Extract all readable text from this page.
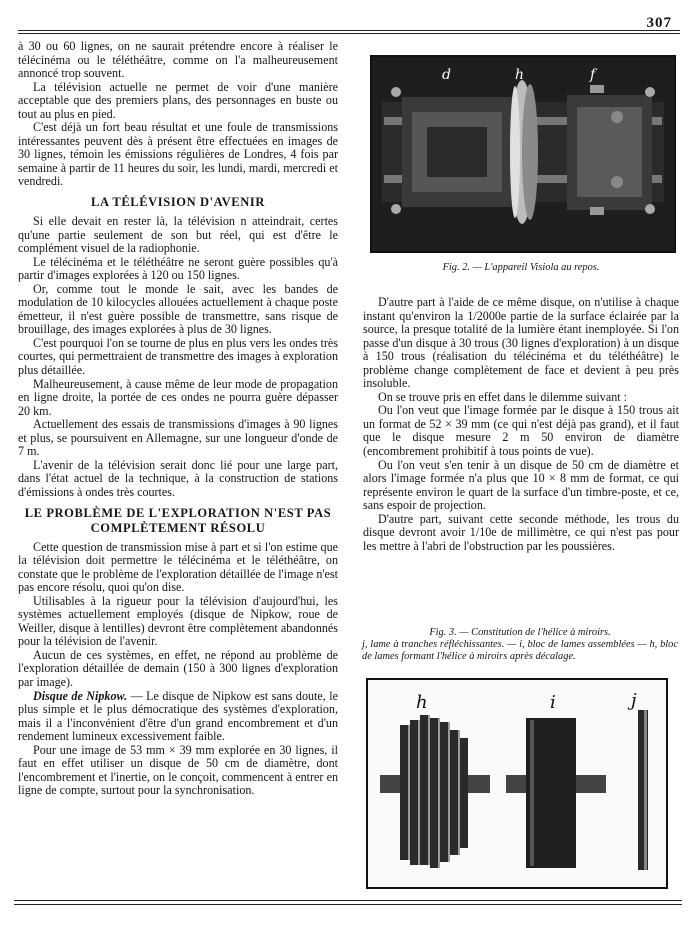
307

à 30 ou 60 lignes, on ne saurait prétendre encore à réaliser le télécinéma ou le téléthéâtre, comme on l'a malheureusement annoncé trop souvent.

La télévision actuelle ne permet de voir d'une manière acceptable que des premiers plans, des personnages en buste ou tout au plus en pied.

C'est déjà un fort beau résultat et une foule de transmissions intéressantes peuvent dès à présent être effectuées en images de 30 lignes, témoin les émissions régulières de Londres, 4 fois par semaine à partir de 11 heures du soir, les lundi, mardi, mercredi et vendredi.

LA TÉLÉVISION D'AVENIR

Si elle devait en rester là, la télévision n atteindrait, certes qu'une partie seulement de son but réel, qui est d'être le complément visuel de la radiophonie.

Le télécinéma et le téléthéâtre ne seront guère possibles qu'à partir d'images explorées à 120 ou 150 lignes.

Or, comme tout le monde le sait, avec les bandes de modulation de 10 kilocycles allouées actuellement à chaque poste émetteur, il n'est guère possible de transmettre, sans risque de brouillage, des images explorées à plus de 30 lignes.

C'est pourquoi l'on se tourne de plus en plus vers les ondes très courtes, qui permettraient de transmettre des images à exploration plus détaillée.

Malheureusement, à cause même de leur mode de propagation en ligne droite, la portée de ces ondes ne pourra guère dépasser 20 km.

Actuellement des essais de transmissions d'images à 90 lignes et plus, se poursuivent en Allemagne, sur une longueur d'onde de 7 m.

L'avenir de la télévision serait donc lié pour une large part, dans l'état actuel de la technique, à la construction de stations d'émissions à ondes très courtes.

LE PROBLÈME DE L'EXPLORATION N'EST PAS
COMPLÈTEMENT RÉSOLU

Cette question de transmission mise à part et si l'on estime que la télévision doit permettre le télécinéma et le téléthéâtre, on constate que le problème de l'exploration détaillée de l'image n'est pas encore résolu, quoi qu'on dise.

Utilisables à la rigueur pour la télévision d'aujourd'hui, les systèmes actuellement employés (disque de Nipkow, roue de Weiller, disque à lentilles) devront être complètement abandonnés pour la télévision de l'avenir.

Aucun de ces systèmes, en effet, ne répond au problème de l'exploration détaillée de demain (150 à 300 lignes d'exploration par image).

Disque de Nipkow. — Le disque de Nipkow est sans doute, le plus simple et le plus démocratique des systèmes d'exploration, mais il a l'inconvénient d'être d'un grand encombrement et d'un rendement lumineux excessivement faible.

Pour une image de 53 mm × 39 mm explorée en 30 lignes, il faut en effet utiliser un disque de 50 cm de diamètre, dont l'encombrement et l'inertie, on le conçoit, commencent à entrer en ligne de compte, surtout pour la synchronisation.

d	h	f
Fig. 2. — L'appareil Visiola au repos.

D'autre part à l'aide de ce même disque, on n'utilise à chaque instant qu'environ la 1/2000e partie de la surface éclairée par la source, la presque totalité de la lumière étant inemployée. Si l'on passe d'un disque à 30 trous (30 lignes d'exploration) à un disque à 150 trous (réalisation du télécinéma et du téléthéâtre) le problème change complètement de face et devient à peu près insoluble.

On se trouve pris en effet dans le dilemme suivant :

Ou l'on veut que l'image formée par le disque à 150 trous ait un format de 52 × 39 mm (ce qui n'est déjà pas grand), et il faut que le disque mesure 2 m 50 environ de diamètre (encombrement prohibitif à tous points de vue).

Ou l'on veut s'en tenir à un disque de 50 cm de diamètre et alors l'image formée n'a plus que 10 × 8 mm de format, ce qui représente environ le quart de la surface d'un timbre-poste, et ce, sans espoir de projection.

D'autre part, suivant cette seconde méthode, les trous du disque devront avoir 1/10e de millimètre, ce qui n'est pas pour les mettre à l'abri de l'obstruction par les poussières.

Fig. 3. — Constitution de l'hélice à miroirs.
j, lame à tranches réfléchissantes. — i, bloc de lames assemblées — h, bloc de lames formant l'hélice à miroirs après décalage.
h	i	j
